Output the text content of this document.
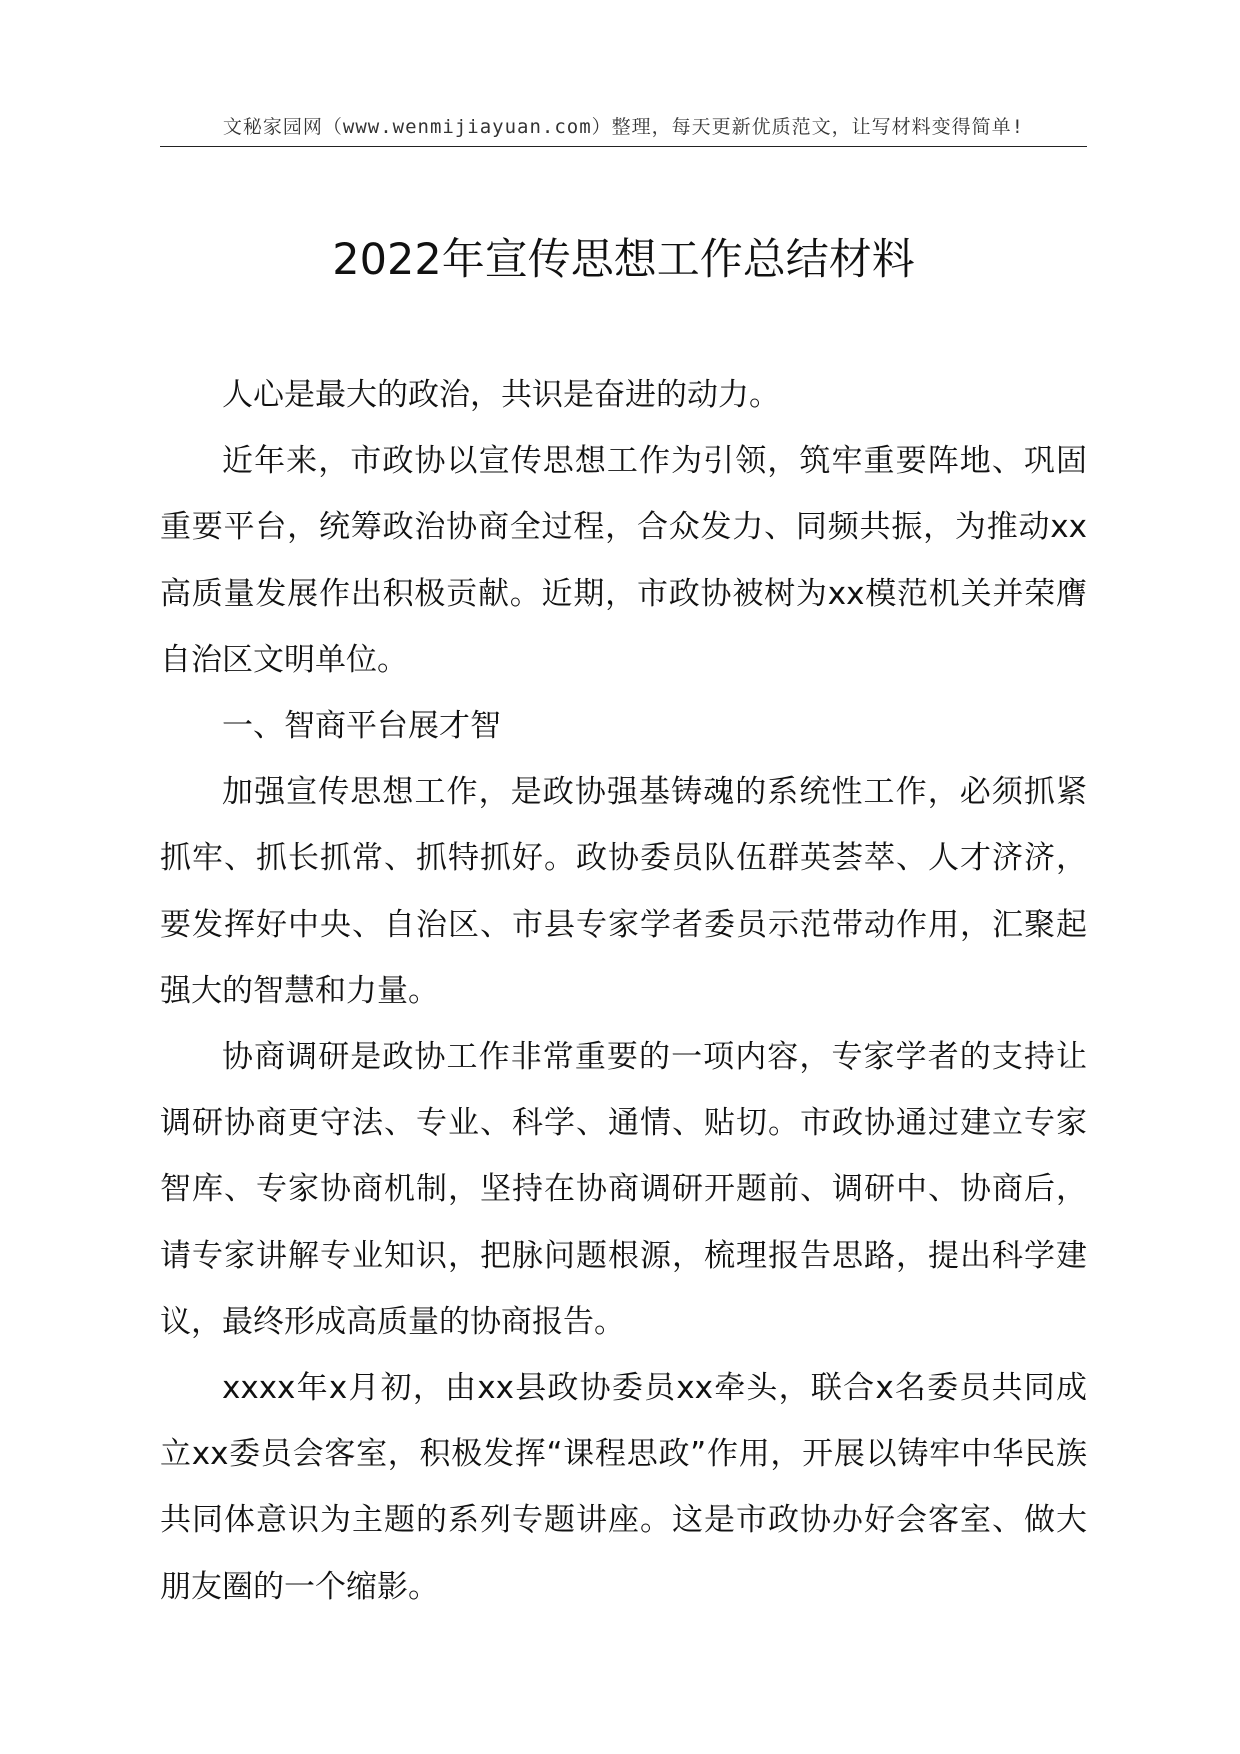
文秘家园网（www.wenmijiayuan.com）整理，每天更新优质范文，让写材料变得简单!
2022年宣传思想工作总结材料

人心是最大的政治，共识是奋进的动力。

近年来，市政协以宣传思想工作为引领，筑牢重要阵地、巩固重要平台，统筹政治协商全过程，合众发力、同频共振，为推动xx高质量发展作出积极贡献。近期，市政协被树为xx模范机关并荣膺自治区文明单位。

一、智商平台展才智

加强宣传思想工作，是政协强基铸魂的系统性工作，必须抓紧抓牢、抓长抓常、抓特抓好。政协委员队伍群英荟萃、人才济济，要发挥好中央、自治区、市县专家学者委员示范带动作用，汇聚起强大的智慧和力量。

协商调研是政协工作非常重要的一项内容，专家学者的支持让调研协商更守法、专业、科学、通情、贴切。市政协通过建立专家智库、专家协商机制，坚持在协商调研开题前、调研中、协商后，请专家讲解专业知识，把脉问题根源，梳理报告思路，提出科学建议，最终形成高质量的协商报告。

xxxx年x月初，由xx县政协委员xx牵头，联合x名委员共同成立xx委员会客室，积极发挥“课程思政”作用，开展以铸牢中华民族共同体意识为主题的系列专题讲座。这是市政协办好会客室、做大朋友圈的一个缩影。
